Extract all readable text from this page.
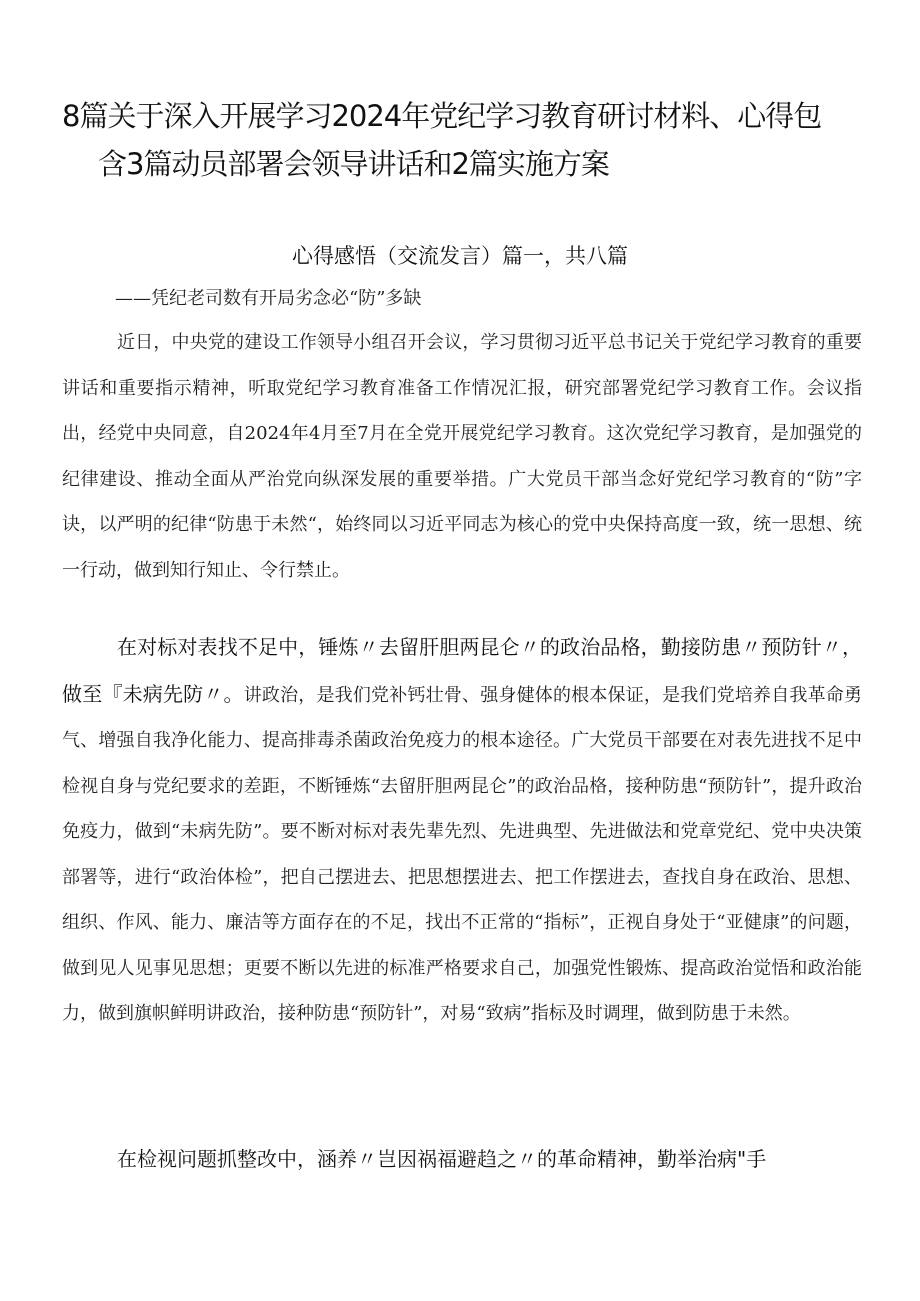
8篇关于深入开展学习2024年党纪学习教育研讨材料、心得包
含3篇动员部署会领导讲话和2篇实施方案
心得感悟（交流发言）篇一，共八篇

——凭纪老司数有开局劣念必“防”多缺

近日，中央党的建设工作领导小组召开会议，学习贯彻习近平总书记关于党纪学习教育的重要讲话和重要指示精神，听取党纪学习教育准备工作情况汇报，研究部署党纪学习教育工作。会议指出，经党中央同意，自2024年4月至7月在全党开展党纪学习教育。这次党纪学习教育，是加强党的纪律建设、推动全面从严治党向纵深发展的重要举措。广大党员干部当念好党纪学习教育的“防”字诀，以严明的纪律“防患于未然“，始终同以习近平同志为核心的党中央保持高度一致，统一思想、统一行动，做到知行知止、令行禁止。

在对标对表找不足中，锤炼〃去留肝胆两昆仑〃的政治品格，勤接防患〃预防针〃，做至『未病先防〃。讲政治，是我们党补钙壮骨、强身健体的根本保证，是我们党培养自我革命勇气、增强自我净化能力、提高排毒杀菌政治免疫力的根本途径。广大党员干部要在对表先进找不足中检视自身与党纪要求的差距，不断锤炼“去留肝胆两昆仑”的政治品格，接种防患“预防针”，提升政治免疫力，做到“未病先防”。要不断对标对表先辈先烈、先进典型、先进做法和党章党纪、党中央决策部署等，进行“政治体检”，把自己摆进去、把思想摆进去、把工作摆进去，查找自身在政治、思想、组织、作风、能力、廉洁等方面存在的不足，找出不正常的“指标”，正视自身处于“亚健康”的问题，做到见人见事见思想；更要不断以先进的标准严格要求自己，加强党性锻炼、提高政治觉悟和政治能力，做到旗帜鲜明讲政治，接种防患“预防针”，对易“致病”指标及时调理，做到防患于未然。

在检视问题抓整改中，涵养〃岂因祸福避趋之〃的革命精神，勤举治病"手
